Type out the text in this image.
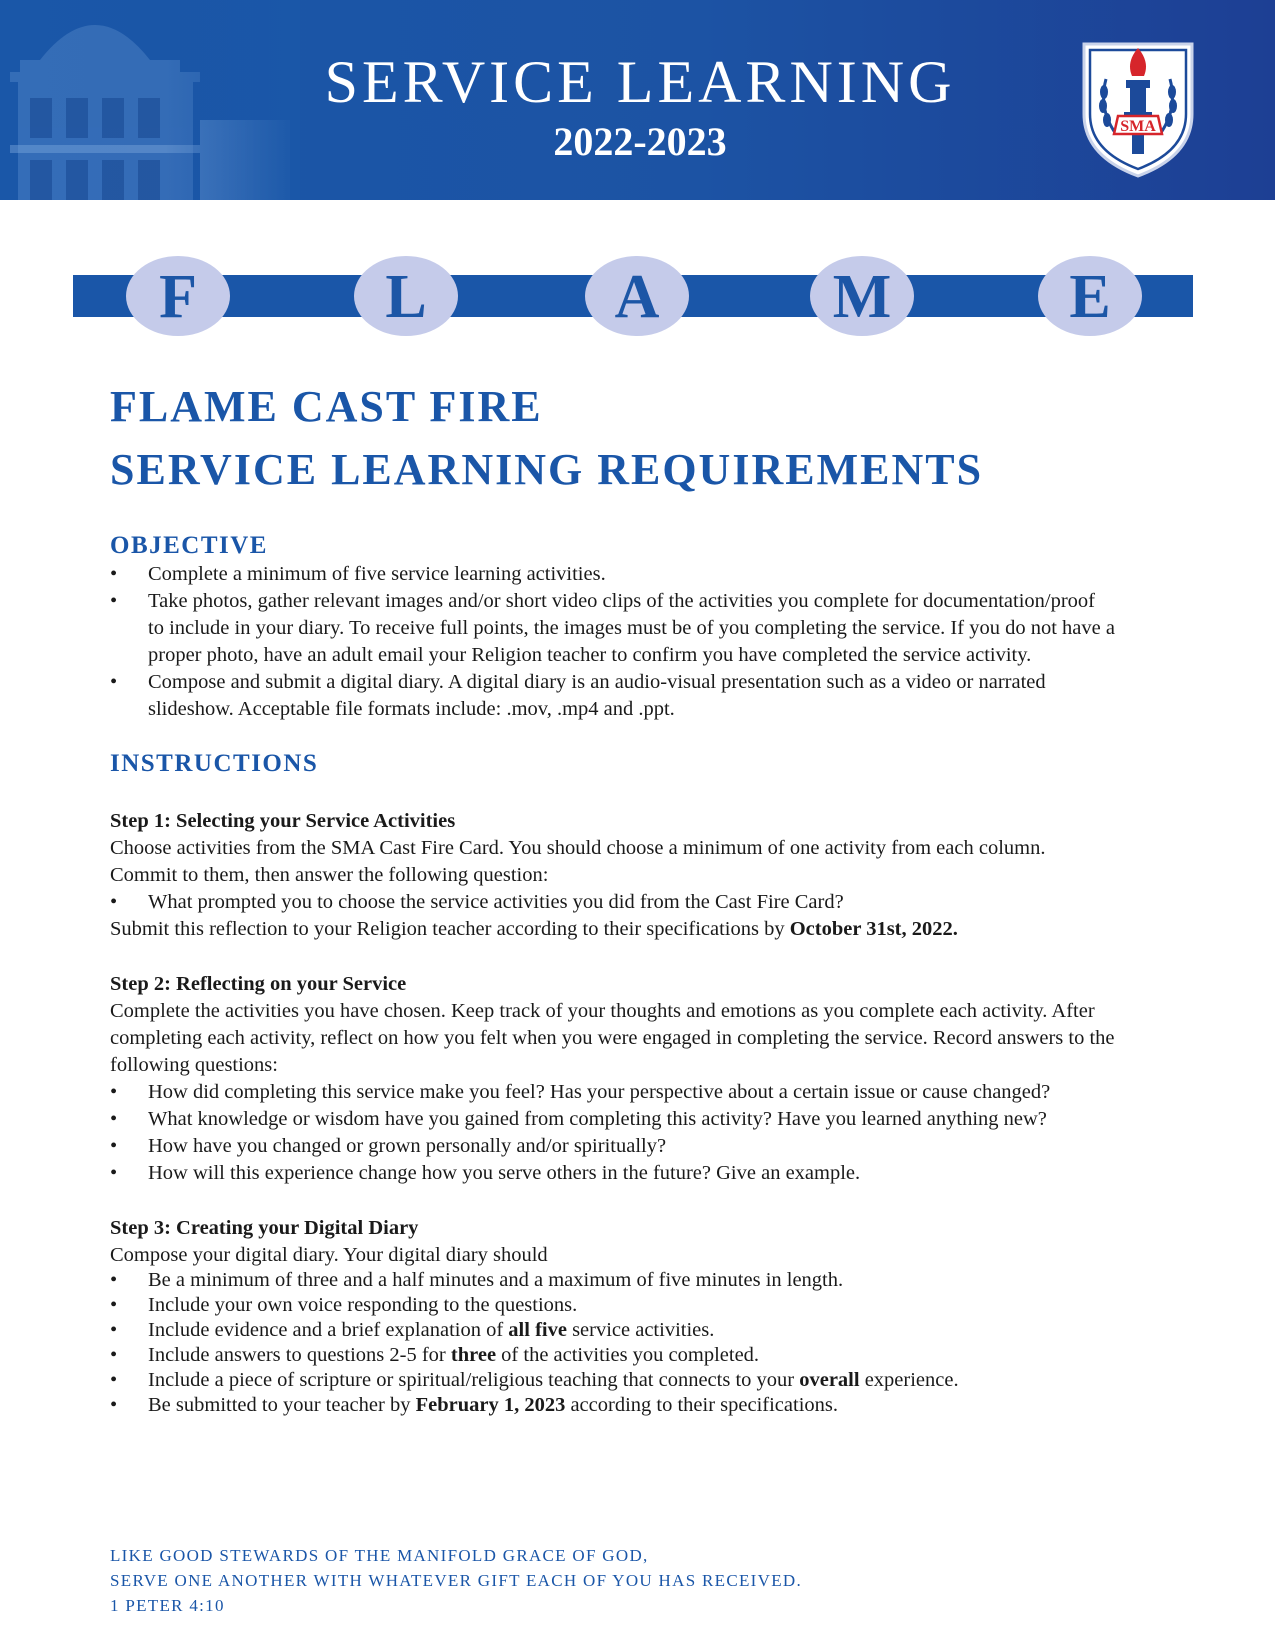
SERVICE LEARNING
2022-2023	SMA
F	L	A	M	E
FLAME CAST FIRE
SERVICE LEARNING REQUIREMENTS
OBJECTIVE
• Complete a minimum of five service learning activities.
• Take photos, gather relevant images and/or short video clips of the activities you complete for documentation/proof
to include in your diary. To receive full points, the images must be of you completing the service. If you do not have a
proper photo, have an adult email your Religion teacher to confirm you have completed the service activity.
• Compose and submit a digital diary. A digital diary is an audio-visual presentation such as a video or narrated
slideshow. Acceptable file formats include: .mov, .mp4 and .ppt.
INSTRUCTIONS
Step 1: Selecting your Service Activities
Choose activities from the SMA Cast Fire Card. You should choose a minimum of one activity from each column.
Commit to them, then answer the following question:
• What prompted you to choose the service activities you did from the Cast Fire Card?
Submit this reflection to your Religion teacher according to their specifications by October 31st, 2022.
Step 2: Reflecting on your Service
Complete the activities you have chosen. Keep track of your thoughts and emotions as you complete each activity. After
completing each activity, reflect on how you felt when you were engaged in completing the service. Record answers to the
following questions:
• How did completing this service make you feel? Has your perspective about a certain issue or cause changed?
• What knowledge or wisdom have you gained from completing this activity? Have you learned anything new?
• How have you changed or grown personally and/or spiritually?
• How will this experience change how you serve others in the future? Give an example.
Step 3: Creating your Digital Diary
Compose your digital diary. Your digital diary should
• Be a minimum of three and a half minutes and a maximum of five minutes in length.
• Include your own voice responding to the questions.
• Include evidence and a brief explanation of all five service activities.
• Include answers to questions 2-5 for three of the activities you completed.
• Include a piece of scripture or spiritual/religious teaching that connects to your overall experience.
• Be submitted to your teacher by February 1, 2023 according to their specifications.
LIKE GOOD STEWARDS OF THE MANIFOLD GRACE OF GOD,
SERVE ONE ANOTHER WITH WHATEVER GIFT EACH OF YOU HAS RECEIVED.
1 PETER 4:10
